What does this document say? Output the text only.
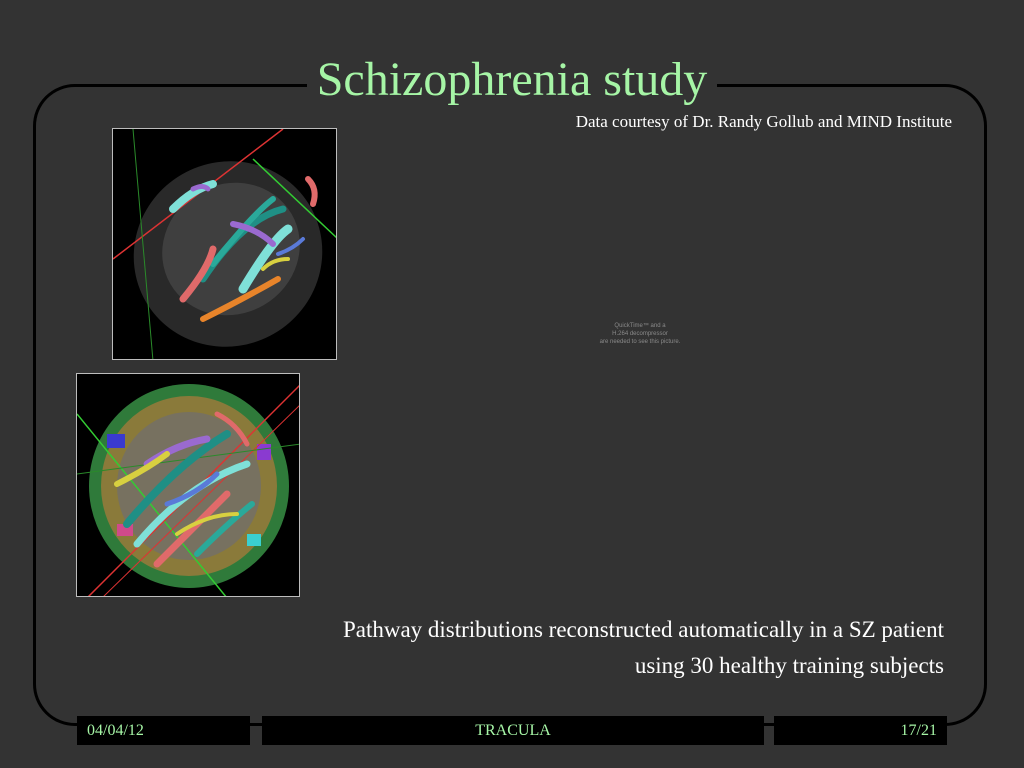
Schizophrenia study
Data courtesy of Dr. Randy Gollub and MIND Institute
QuickTime™ and a
H.264 decompressor
are needed to see this picture.
Pathway distributions reconstructed automatically in a SZ patient
using 30 healthy training subjects
04/04/12	TRACULA	17/21
